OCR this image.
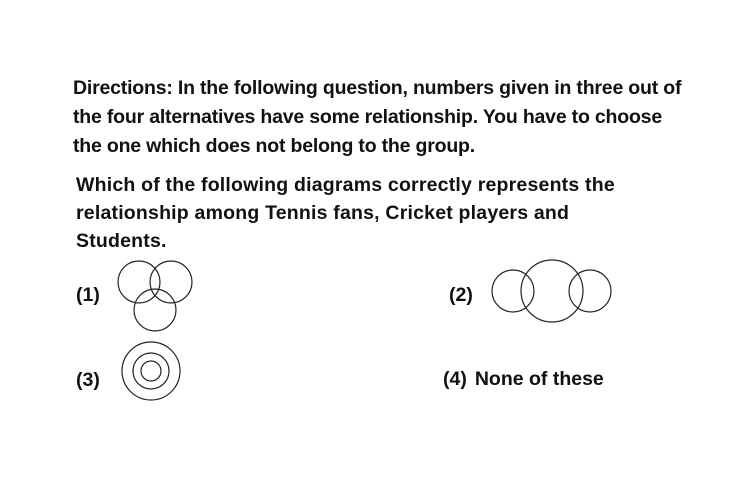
Directions: In the following question, numbers given in three out of the four alternatives have some relationship. You have to choose the one which does not belong to the group.
Which of the following diagrams correctly represents the relationship among Tennis fans, Cricket players and Students.
(1)	(2)
(3)	(4) None of these
